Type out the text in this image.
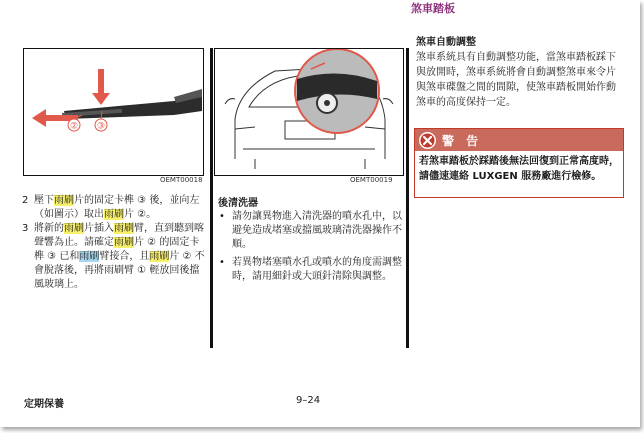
煞車踏板
② ③
OEMT00018	OEMT00019
2 壓下雨刷片的固定卡榫 ③ 後，並向左（如圖示）取出雨刷片 ②。
3 將新的雨刷片插入雨刷臂，直到聽到喀聲響為止。請確定雨刷片 ② 的固定卡榫 ③ 已和雨刷臂接合，且雨刷片 ② 不會脫落後，再將雨刷臂 ① 輕放回後擋風玻璃上。
後清洗器
• 請勿讓異物進入清洗器的噴水孔中，以避免造成堵塞或擋風玻璃清洗器操作不順。
• 若異物堵塞噴水孔或噴水的角度需調整時，請用細針或大頭針清除與調整。
煞車自動調整
煞車系統具有自動調整功能，當煞車踏板踩下與放開時，煞車系統將會自動調整煞車來令片與煞車碟盤之間的間隙，使煞車踏板開始作動煞車的高度保持一定。
警 告
若煞車踏板於踩踏後無法回復到正常高度時，請儘速連絡 LUXGEN 服務廠進行檢修。
定期保養	9–24
